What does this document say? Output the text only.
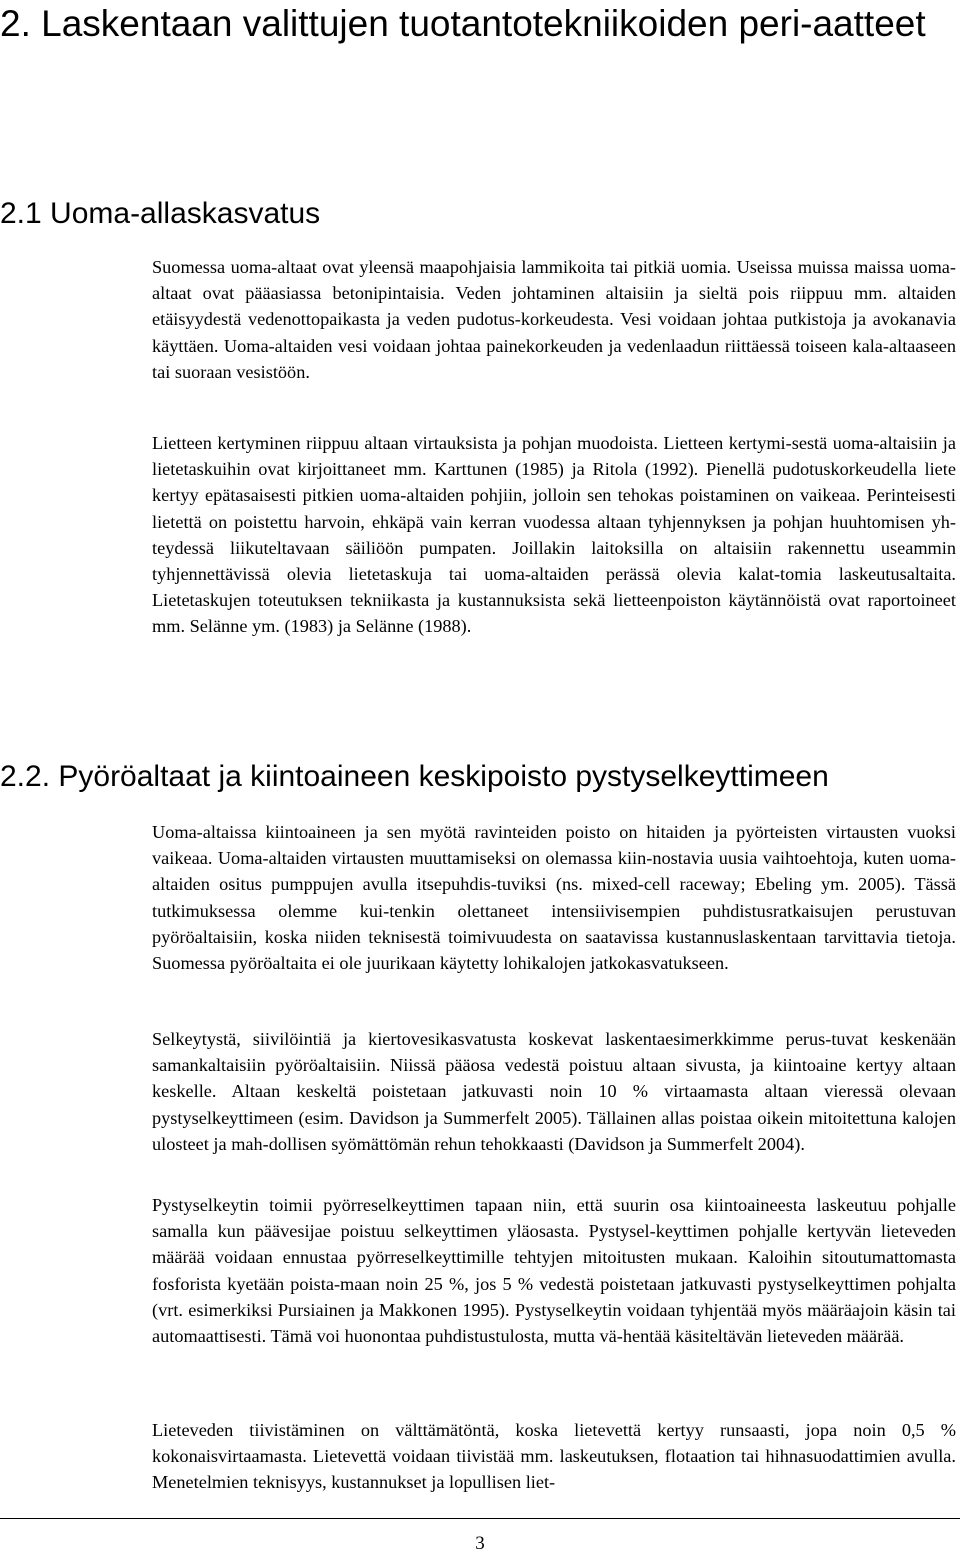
2. Laskentaan valittujen tuotantotekniikoiden peri-aatteet
2.1 Uoma-allaskasvatus

Suomessa uoma-altaat ovat yleensä maapohjaisia lammikoita tai pitkiä uomia. Useissa muissa maissa uoma-altaat ovat pääasiassa betonipintaisia. Veden johtaminen altaisiin ja sieltä pois riippuu mm. altaiden etäisyydestä vedenottopaikasta ja veden pudotus-korkeudesta. Vesi voidaan johtaa putkistoja ja avokanavia käyttäen. Uoma-altaiden vesi voidaan johtaa painekorkeuden ja vedenlaadun riittäessä toiseen kala-altaaseen tai suoraan vesistöön.

Lietteen kertyminen riippuu altaan virtauksista ja pohjan muodoista. Lietteen kertymi-sestä uoma-altaisiin ja lietetaskuihin ovat kirjoittaneet mm. Karttunen (1985) ja Ritola (1992). Pienellä pudotuskorkeudella liete kertyy epätasaisesti pitkien uoma-altaiden pohjiin, jolloin sen tehokas poistaminen on vaikeaa. Perinteisesti lietettä on poistettu harvoin, ehkäpä vain kerran vuodessa altaan tyhjennyksen ja pohjan huuhtomisen yh-teydessä liikuteltavaan säiliöön pumpaten. Joillakin laitoksilla on altaisiin rakennettu useammin tyhjennettävissä olevia lietetaskuja tai uoma-altaiden perässä olevia kalat-tomia laskeutusaltaita. Lietetaskujen toteutuksen tekniikasta ja kustannuksista sekä lietteenpoiston käytännöistä ovat raportoineet mm. Selänne ym. (1983) ja Selänne (1988).

2.2. Pyöröaltaat ja kiintoaineen keskipoisto pystyselkeyttimeen

Uoma-altaissa kiintoaineen ja sen myötä ravinteiden poisto on hitaiden ja pyörteisten virtausten vuoksi vaikeaa. Uoma-altaiden virtausten muuttamiseksi on olemassa kiin-nostavia uusia vaihtoehtoja, kuten uoma-altaiden ositus pumppujen avulla itsepuhdis-tuviksi (ns. mixed-cell raceway; Ebeling ym. 2005). Tässä tutkimuksessa olemme kui-tenkin olettaneet intensiivisempien puhdistusratkaisujen perustuvan pyöröaltaisiin, koska niiden teknisestä toimivuudesta on saatavissa kustannuslaskentaan tarvittavia tietoja. Suomessa pyöröaltaita ei ole juurikaan käytetty lohikalojen jatkokasvatukseen.

Selkeytystä, siivilöintiä ja kiertovesikasvatusta koskevat laskentaesimerkkimme perus-tuvat keskenään samankaltaisiin pyöröaltaisiin. Niissä pääosa vedestä poistuu altaan sivusta, ja kiintoaine kertyy altaan keskelle. Altaan keskeltä poistetaan jatkuvasti noin 10 % virtaamasta altaan vieressä olevaan pystyselkeyttimeen (esim. Davidson ja Summerfelt 2005). Tällainen allas poistaa oikein mitoitettuna kalojen ulosteet ja mah-dollisen syömättömän rehun tehokkaasti (Davidson ja Summerfelt 2004).

Pystyselkeytin toimii pyörreselkeyttimen tapaan niin, että suurin osa kiintoaineesta laskeutuu pohjalle samalla kun päävesijae poistuu selkeyttimen yläosasta. Pystysel-keyttimen pohjalle kertyvän lieteveden määrää voidaan ennustaa pyörreselkeyttimille tehtyjen mitoitusten mukaan. Kaloihin sitoutumattomasta fosforista kyetään poista-maan noin 25 %, jos 5 % vedestä poistetaan jatkuvasti pystyselkeyttimen pohjalta (vrt. esimerkiksi Pursiainen ja Makkonen 1995). Pystyselkeytin voidaan tyhjentää myös määräajoin käsin tai automaattisesti. Tämä voi huonontaa puhdistustulosta, mutta vä-hentää käsiteltävän lieteveden määrää.

Lieteveden tiivistäminen on välttämätöntä, koska lietevettä kertyy runsaasti, jopa noin 0,5 % kokonaisvirtaamasta. Lietevettä voidaan tiivistää mm. laskeutuksen, flotaation tai hihnasuodattimien avulla. Menetelmien teknisyys, kustannukset ja lopullisen liet-

3
